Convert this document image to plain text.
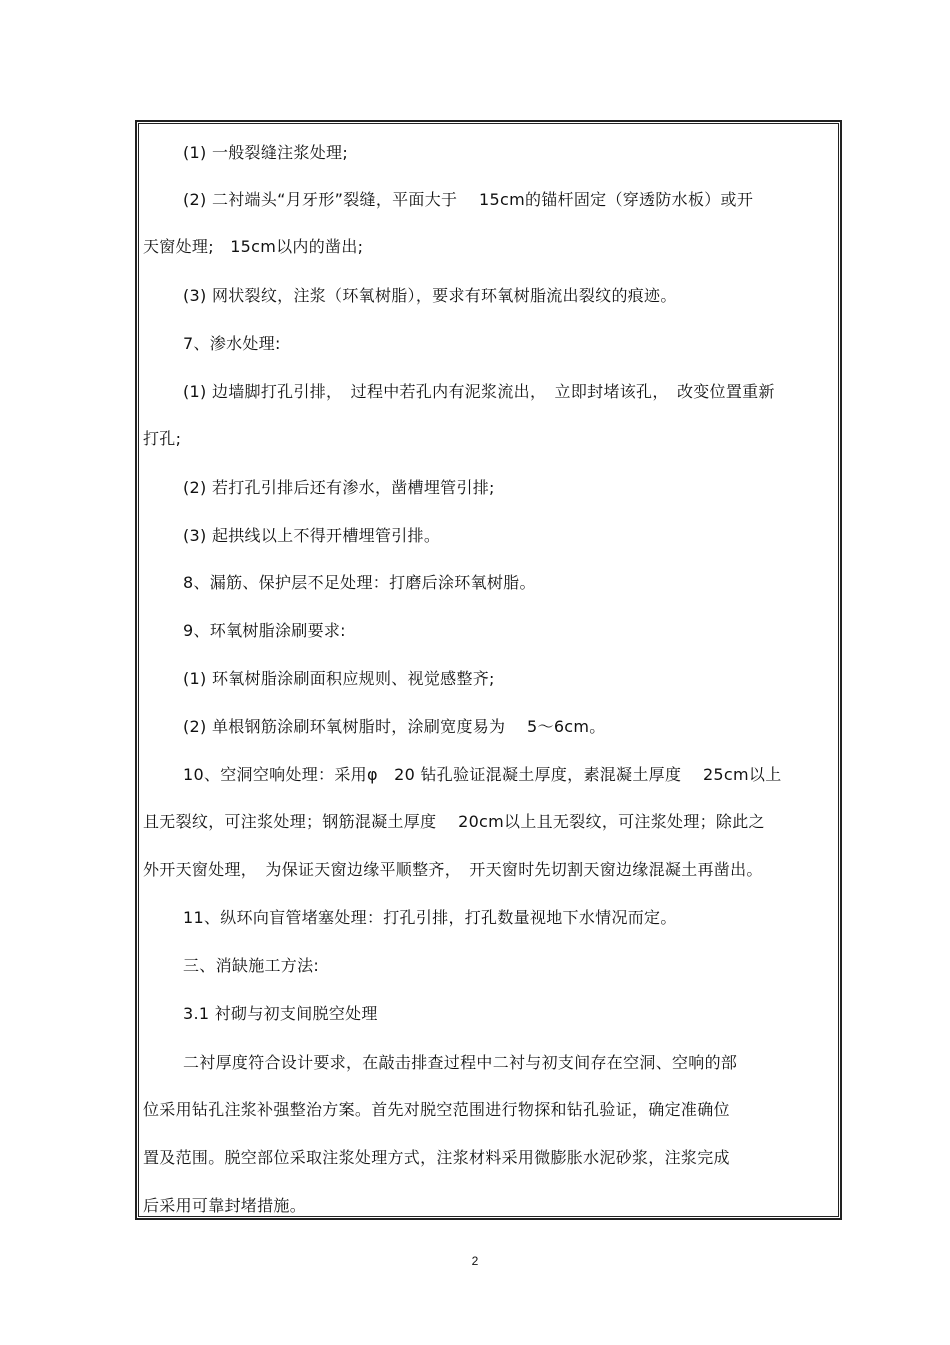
(1) 一般裂缝注浆处理;
(2) 二衬端头“月牙形”裂缝，平面大于　 15cm的锚杆固定（穿透防水板）或开
天窗处理;　15cm以内的凿出;
(3) 网状裂纹，注浆（环氧树脂），要求有环氧树脂流出裂纹的痕迹。
7、渗水处理:
(1) 边墙脚打孔引排，　过程中若孔内有泥浆流出，　立即封堵该孔，　改变位置重新
打孔;
(2) 若打孔引排后还有渗水，凿槽埋管引排;
(3) 起拱线以上不得开槽埋管引排。
8、漏筋、保护层不足处理：打磨后涂环氧树脂。
9、环氧树脂涂刷要求:
(1) 环氧树脂涂刷面积应规则、视觉感整齐;
(2) 单根钢筋涂刷环氧树脂时，涂刷宽度易为　 5～6cm。
10、空洞空响处理：采用φ　20 钻孔验证混凝土厚度，素混凝土厚度　 25cm以上
且无裂纹，可注浆处理；钢筋混凝土厚度　 20cm以上且无裂纹，可注浆处理；除此之
外开天窗处理，　为保证天窗边缘平顺整齐，　开天窗时先切割天窗边缘混凝土再凿出。
11、纵环向盲管堵塞处理：打孔引排，打孔数量视地下水情况而定。
三、消缺施工方法:
3.1 衬砌与初支间脱空处理
二衬厚度符合设计要求，在敲击排查过程中二衬与初支间存在空洞、空响的部
位采用钻孔注浆补强整治方案。首先对脱空范围进行物探和钻孔验证，确定准确位
置及范围。脱空部位采取注浆处理方式，注浆材料采用微膨胀水泥砂浆，注浆完成
后采用可靠封堵措施。
2
